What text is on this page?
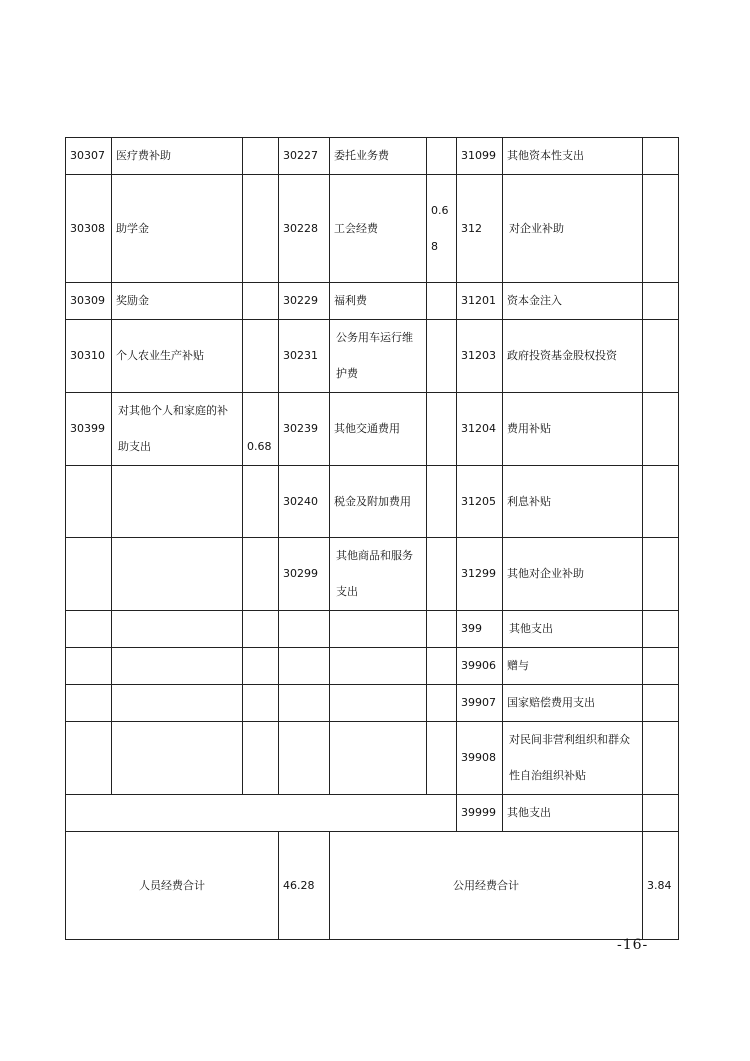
30307	医疗费补助		30227	委托业务费		31099	其他资本性支出	
30308	助学金		30228	工会经费	0.68	312	对企业补助	
30309	奖励金		30229	福利费		31201	资本金注入	
30310	个人农业生产补贴		30231	公务用车运行维护费		31203	政府投资基金股权投资	
30399	对其他个人和家庭的补助支出	0.68	30239	其他交通费用		31204	费用补贴	
			30240	税金及附加费用		31205	利息补贴	
			30299	其他商品和服务支出		31299	其他对企业补助	
						399	其他支出	
						39906	赠与	
						39907	国家赔偿费用支出	
						39908	对民间非营利组织和群众性自治组织补贴	
						39999	其他支出	
人员经费合计			46.28	公用经费合计				3.84
-16-
